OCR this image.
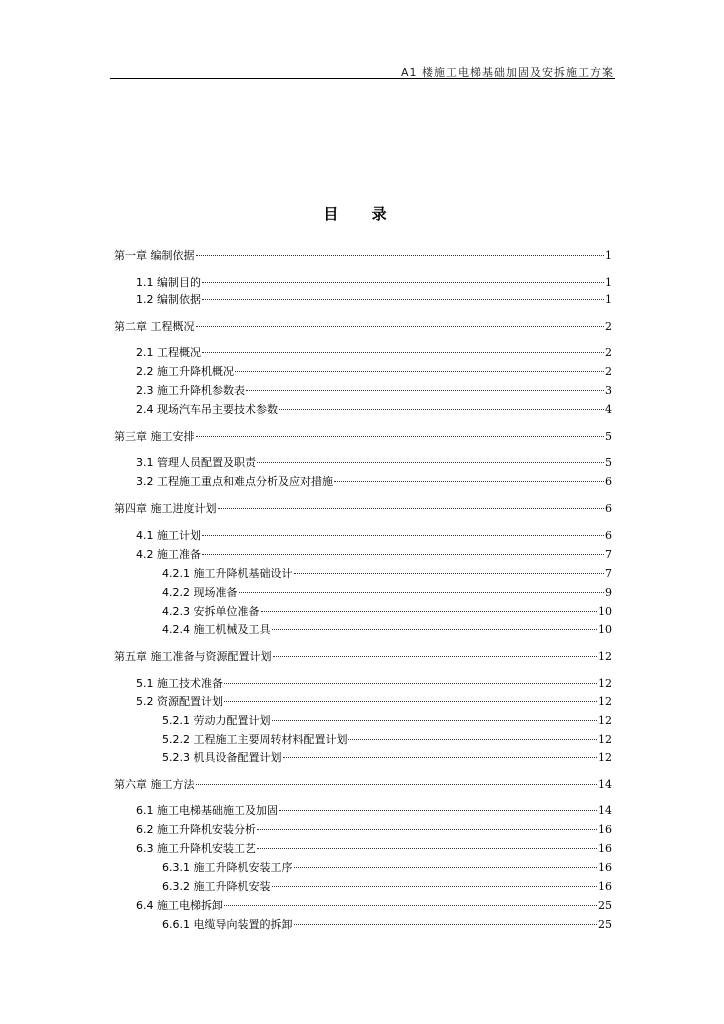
A1 楼施工电梯基础加固及安拆施工方案
目 录
第一章 编制依据	1
1.1 编制目的	1
1.2 编制依据	1
第二章 工程概况	2
2.1 工程概况	2
2.2 施工升降机概况	2
2.3 施工升降机参数表	3
2.4 现场汽车吊主要技术参数	4
第三章 施工安排	5
3.1 管理人员配置及职责	5
3.2 工程施工重点和难点分析及应对措施	6
第四章 施工进度计划	6
4.1 施工计划	6
4.2 施工准备	7
4.2.1 施工升降机基础设计	7
4.2.2 现场准备	9
4.2.3 安拆单位准备	10
4.2.4 施工机械及工具	10
第五章 施工准备与资源配置计划	12
5.1 施工技术准备	12
5.2 资源配置计划	12
5.2.1 劳动力配置计划	12
5.2.2 工程施工主要周转材料配置计划	12
5.2.3 机具设备配置计划	12
第六章 施工方法	14
6.1 施工电梯基础施工及加固	14
6.2 施工升降机安装分析	16
6.3 施工升降机安装工艺	16
6.3.1 施工升降机安装工序	16
6.3.2 施工升降机安装	16
6.4 施工电梯拆卸	25
6.6.1 电缆导向装置的拆卸	25
